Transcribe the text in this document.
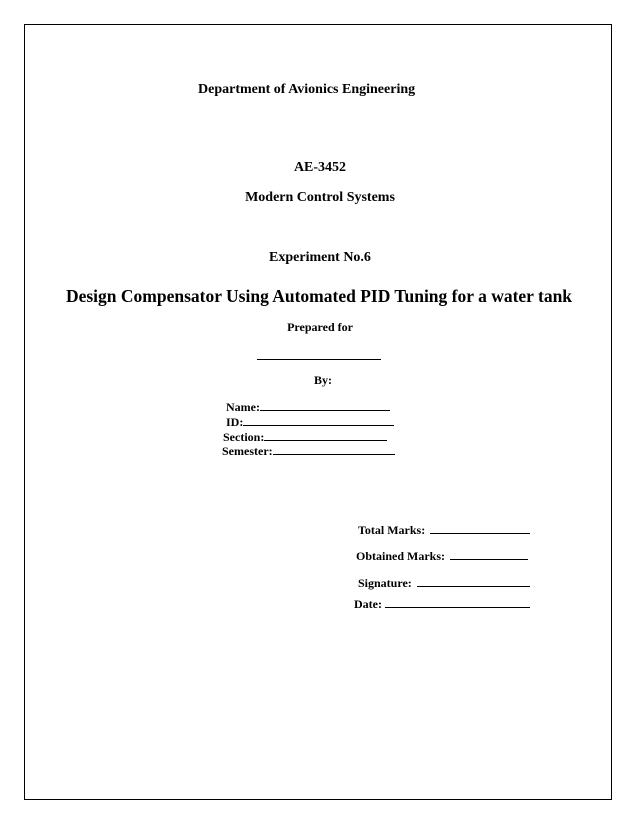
Department of Avionics Engineering
AE-3452
Modern Control Systems
Experiment No.6
Design Compensator Using Automated PID Tuning for a water tank
Prepared for
By:
Name:
ID:
Section:
Semester:
Total Marks:
Obtained Marks:
Signature:
Date:
